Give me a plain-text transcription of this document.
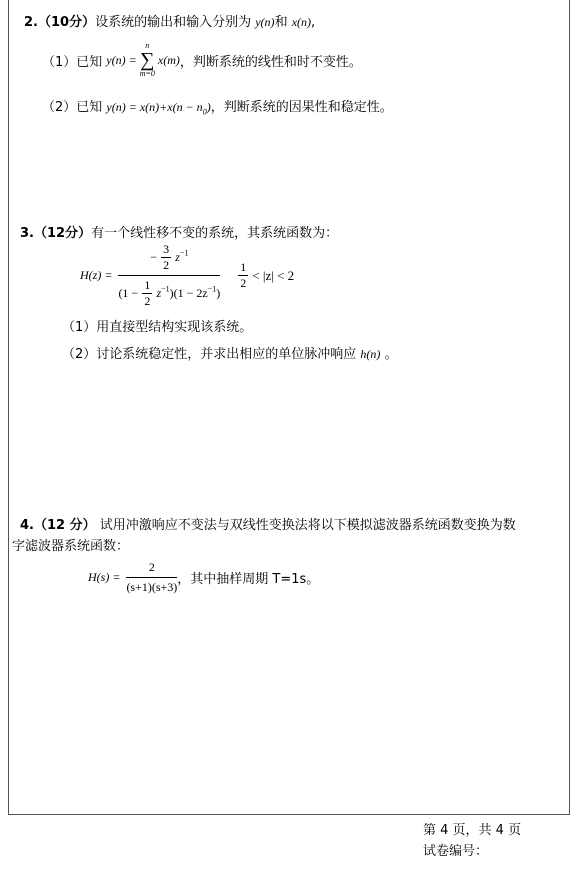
2.（10分）设系统的输出和输入分别为 y(n)和 x(n),
（1）已知 y(n) =
n
∑
m=0
x(m) ，判断系统的线性和时不变性。
（2）已知 $y(n) = x(n)+x(n - n_0)$，判断系统的因果性和稳定性。
3.（12分）有一个线性移不变的系统，其系统函数为：
$H(z) = \frac{- \frac{3}{2} z^{-1}}{(1 - \frac{1}{2} z^{-1})(1 - 2z^{-1})} \frac{1}{2} < |z| < 2$
（1）用直接型结构实现该系统。
（2）讨论系统稳定性，并求出相应的单位脉冲响应 h(n) 。
4.（12 分） 试用冲激响应不变法与双线性变换法将以下模拟滤波器系统函数变换为数
字滤波器系统函数：
$H(s) = \frac{2}{(s+1)(s+3)}$ ，其中抽样周期 T=1s。
第 4 页，共 4 页
试卷编号：
